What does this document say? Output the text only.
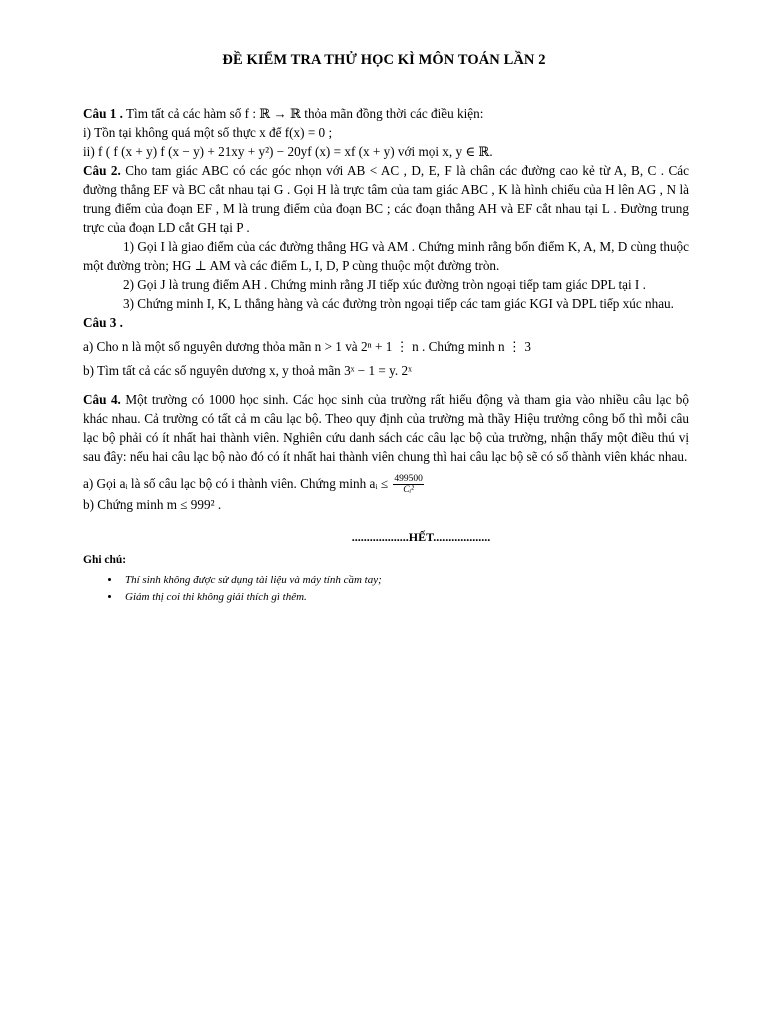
ĐỀ KIỂM TRA THỬ HỌC KÌ MÔN TOÁN LẦN 2

Câu 1 . Tìm tất cả các hàm số f : ℝ → ℝ thỏa mãn đồng thời các điều kiện:

i) Tồn tại không quá một số thực x để f(x) = 0 ;

ii) f ( f (x + y) f (x − y) + 21xy + y²) − 20yf (x) = xf (x + y) với mọi x, y ∈ ℝ.

Câu 2. Cho tam giác ABC có các góc nhọn với AB < AC , D, E, F là chân các đường cao kẻ từ A, B, C . Các đường thẳng EF và BC cắt nhau tại G . Gọi H là trực tâm của tam giác ABC , K là hình chiếu của H lên AG , N là trung điểm của đoạn EF , M là trung điểm của đoạn BC ; các đoạn thẳng AH và EF cắt nhau tại L . Đường trung trực của đoạn LD cắt GH tại P .

1) Gọi I là giao điểm của các đường thẳng HG và AM . Chứng minh rằng bốn điểm K, A, M, D cùng thuộc một đường tròn; HG ⊥ AM và các điểm L, I, D, P cùng thuộc một đường tròn.

2) Gọi J là trung điểm AH . Chứng minh rằng JI tiếp xúc đường tròn ngoại tiếp tam giác DPL tại I .

3) Chứng minh I, K, L thẳng hàng và các đường tròn ngoại tiếp các tam giác KGI và DPL tiếp xúc nhau.

Câu 3 .

a) Cho n là một số nguyên dương thỏa mãn n > 1 và 2ⁿ + 1 ⋮ n . Chứng minh n ⋮ 3

b) Tìm tất cả các số nguyên dương x, y thoả mãn 3ˣ − 1 = y. 2ˣ

Câu 4. Một trường có 1000 học sinh. Các học sinh của trường rất hiếu động và tham gia vào nhiều câu lạc bộ khác nhau. Cả trường có tất cả m câu lạc bộ. Theo quy định của trường mà thầy Hiệu trưởng công bố thì mỗi câu lạc bộ phải có ít nhất hai thành viên. Nghiên cứu danh sách các câu lạc bộ của trường, nhận thấy một điều thú vị sau đây: nếu hai câu lạc bộ nào đó có ít nhất hai thành viên chung thì hai câu lạc bộ sẽ có số thành viên khác nhau.

a) Gọi aᵢ là số câu lạc bộ có i thành viên. Chứng minh aᵢ ≤ $\frac{499500}{\text{Cᵢ²}}$

b) Chứng minh m ≤ 999² .

...................HẾT...................
Ghi chú:
• Thí sinh không được sử dụng tài liệu và máy tính cầm tay;
• Giám thị coi thi không giải thích gì thêm.
